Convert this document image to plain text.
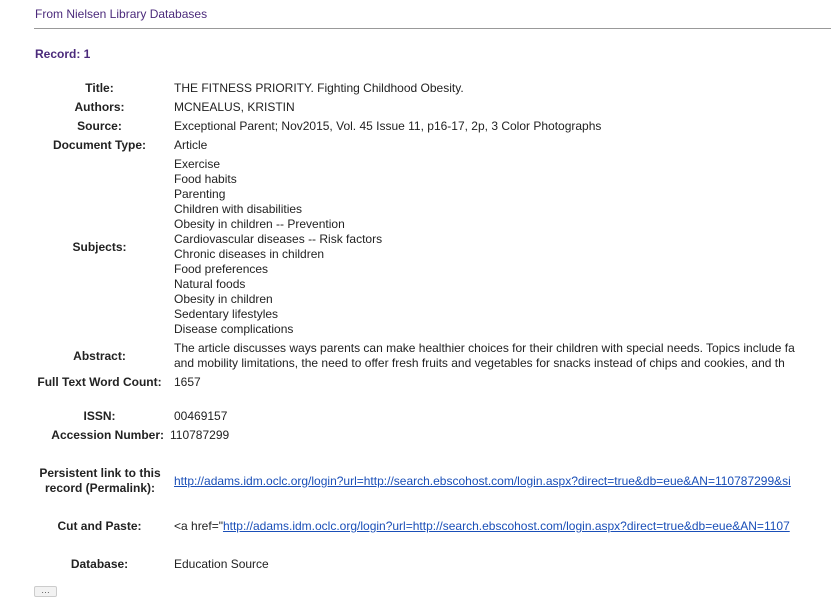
From Nielsen Library Databases
Record: 1
Title:	THE FITNESS PRIORITY. Fighting Childhood Obesity.
Authors:	MCNEALUS, KRISTIN
Source:	Exceptional Parent; Nov2015, Vol. 45 Issue 11, p16-17, 2p, 3 Color Photographs
Document Type:	Article
Subjects:
Exercise
Food habits
Parenting
Children with disabilities
Obesity in children -- Prevention
Cardiovascular diseases -- Risk factors
Chronic diseases in children
Food preferences
Natural foods
Obesity in children
Sedentary lifestyles
Disease complications
Abstract:
The article discusses ways parents can make healthier choices for their children with special needs. Topics include fa
and mobility limitations, the need to offer fresh fruits and vegetables for snacks instead of chips and cookies, and th
Full Text Word Count: 1657
ISSN:	00469157
Accession Number: 110787299
Persistent link to this record (Permalink):
http://adams.idm.oclc.org/login?url=http://search.ebscohost.com/login.aspx?direct=true&db=eue&AN=110787299&si
Cut and Paste:	<a href="http://adams.idm.oclc.org/login?url=http://search.ebscohost.com/login.aspx?direct=true&db=eue&AN=1107
Database:	Education Source
…
